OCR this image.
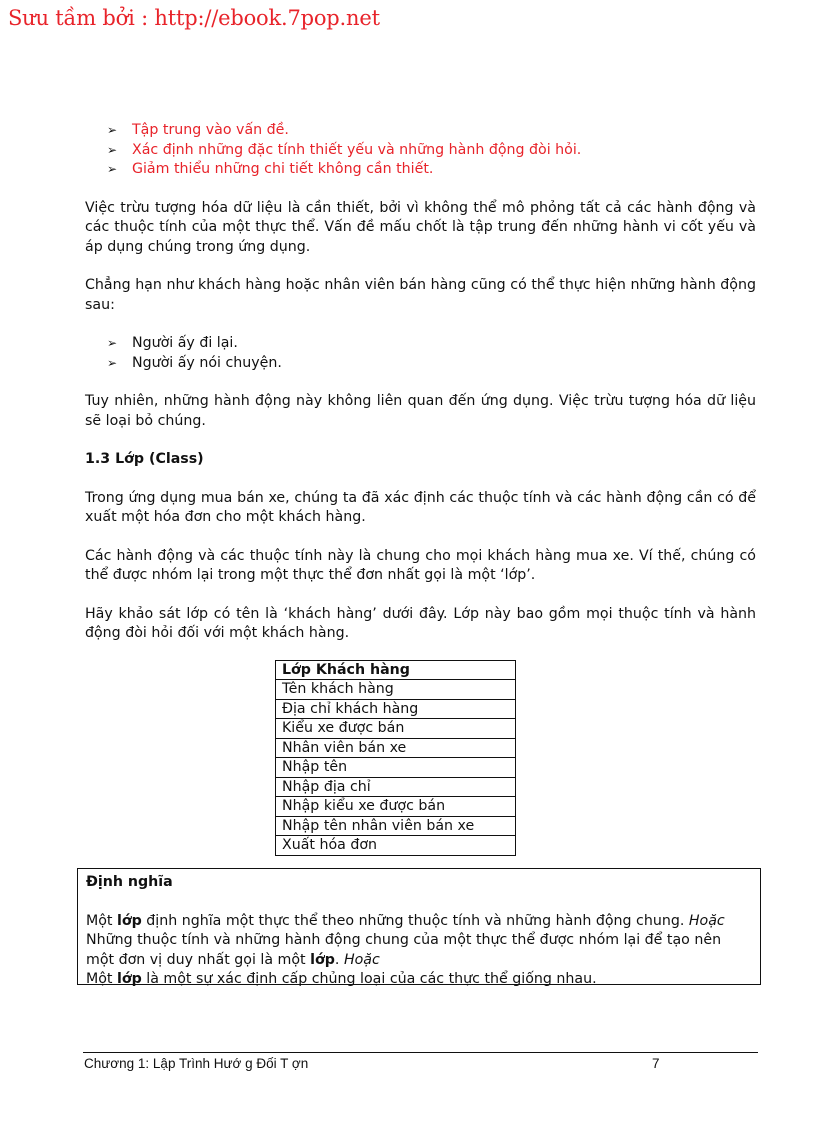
Sưu tầm bởi : http://ebook.7pop.net
➢ Tập trung vào vấn đề.
➢ Xác định những đặc tính thiết yếu và những hành động đòi hỏi.
➢ Giảm thiểu những chi tiết không cần thiết.

Việc trừu tượng hóa dữ liệu là cần thiết, bởi vì không thể mô phỏng tất cả các hành động và các thuộc tính của một thực thể. Vấn đề mấu chốt là tập trung đến những hành vi cốt yếu và áp dụng chúng trong ứng dụng.

Chẳng hạn như khách hàng hoặc nhân viên bán hàng cũng có thể thực hiện những hành động sau:

➢ Người ấy đi lại.
➢ Người ấy nói chuyện.

Tuy nhiên, những hành động này không liên quan đến ứng dụng. Việc trừu tượng hóa dữ liệu sẽ loại bỏ chúng.

1.3 Lớp (Class)

Trong ứng dụng mua bán xe, chúng ta đã xác định các thuộc tính và các hành động cần có để xuất một hóa đơn cho một khách hàng.

Các hành động và các thuộc tính này là chung cho mọi khách hàng mua xe. Ví thế, chúng có thể được nhóm lại trong một thực thể đơn nhất gọi là một ‘lớp’.

Hãy khảo sát lớp có tên là ‘khách hàng’ dưới đây. Lớp này bao gồm mọi thuộc tính và hành động đòi hỏi đối với một khách hàng.

Lớp Khách hàng
Tên khách hàng
Địa chỉ khách hàng
Kiểu xe được bán
Nhân viên bán xe
Nhập tên
Nhập địa chỉ
Nhập kiểu xe được bán
Nhập tên nhân viên bán xe
Xuất hóa đơn
Định nghĩa
Một lớp định nghĩa một thực thể theo những thuộc tính và những hành động chung. Hoặc Những thuộc tính và những hành động chung của một thực thể được nhóm lại để tạo nên một đơn vị duy nhất gọi là một lớp. Hoặc
Một lớp là một sự xác định cấp chủng loại của các thực thể giống nhau.
Chương 1: Lập Trình Hướ g Đối T ợn	7
